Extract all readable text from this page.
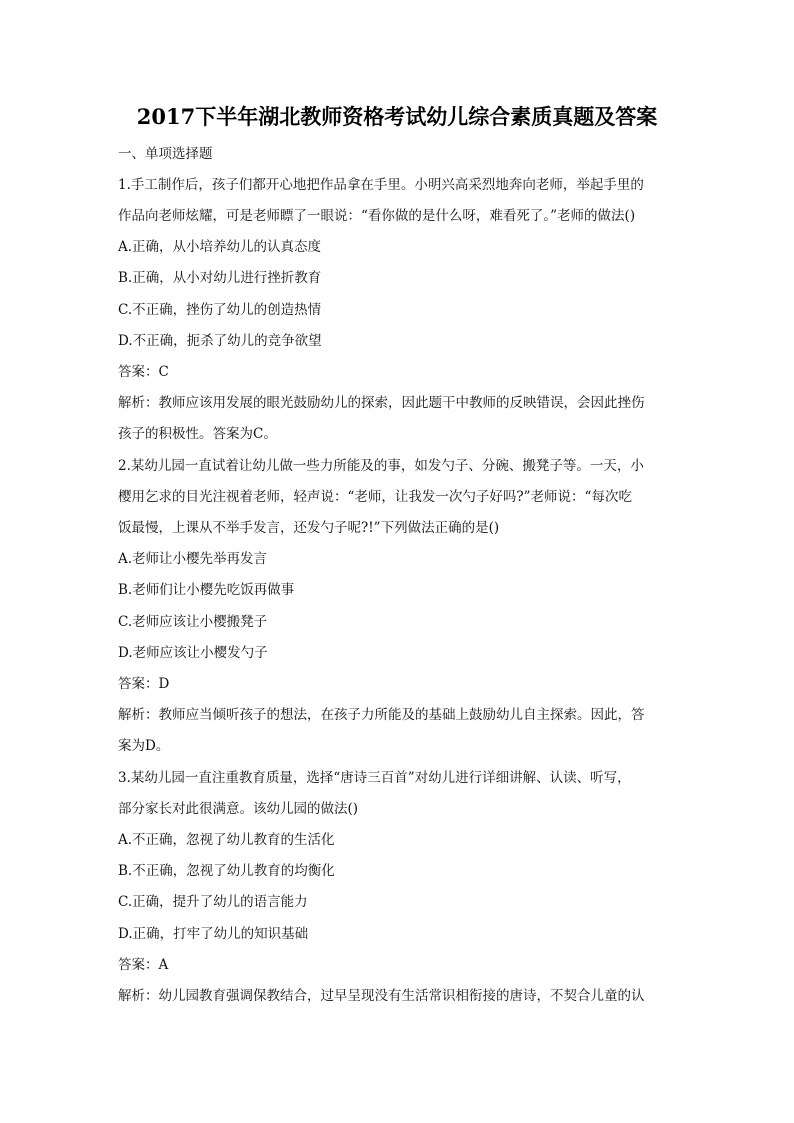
2017下半年湖北教师资格考试幼儿综合素质真题及答案
一、单项选择题
1.手工制作后，孩子们都开心地把作品拿在手里。小明兴高采烈地奔向老师，举起手里的
作品向老师炫耀，可是老师瞟了一眼说：“看你做的是什么呀，难看死了。”老师的做法()
A.正确，从小培养幼儿的认真态度
B.正确，从小对幼儿进行挫折教育
C.不正确，挫伤了幼儿的创造热情
D.不正确，扼杀了幼儿的竞争欲望
答案：C
解析：教师应该用发展的眼光鼓励幼儿的探索，因此题干中教师的反映错误，会因此挫伤
孩子的积极性。答案为C。
2.某幼儿园一直试着让幼儿做一些力所能及的事，如发勺子、分碗、搬凳子等。一天，小
樱用乞求的目光注视着老师，轻声说：“老师，让我发一次勺子好吗?”老师说：“每次吃
饭最慢，上课从不举手发言，还发勺子呢?!”下列做法正确的是()
A.老师让小樱先举再发言
B.老师们让小樱先吃饭再做事
C.老师应该让小樱搬凳子
D.老师应该让小樱发勺子
答案：D
解析：教师应当倾听孩子的想法，在孩子力所能及的基础上鼓励幼儿自主探索。因此，答
案为D。
3.某幼儿园一直注重教育质量，选择“唐诗三百首”对幼儿进行详细讲解、认读、听写，
部分家长对此很满意。该幼儿园的做法()
A.不正确，忽视了幼儿教育的生活化
B.不正确，忽视了幼儿教育的均衡化
C.正确，提升了幼儿的语言能力
D.正确，打牢了幼儿的知识基础
答案：A
解析：幼儿园教育强调保教结合，过早呈现没有生活常识相衔接的唐诗，不契合儿童的认
